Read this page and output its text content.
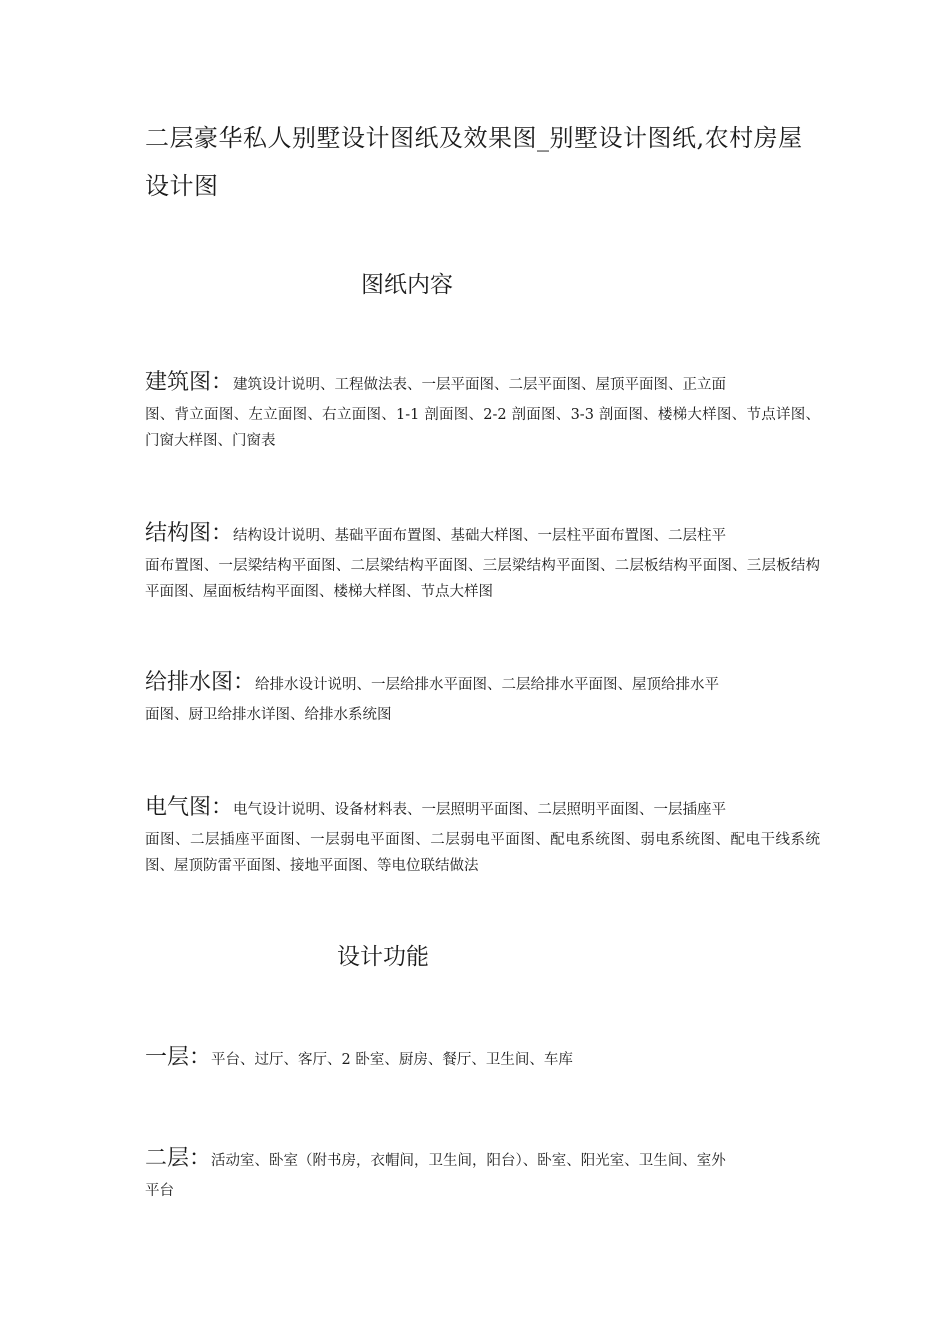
二层豪华私人别墅设计图纸及效果图_别墅设计图纸,农村房屋设计图
图纸内容
建筑图：建筑设计说明、工程做法表、一层平面图、二层平面图、屋顶平面图、正立面
图、背立面图、左立面图、右立面图、1-1 剖面图、2-2 剖面图、3-3 剖面图、楼梯大样图、节点详图、门窗大样图、门窗表
结构图：结构设计说明、基础平面布置图、基础大样图、一层柱平面布置图、二层柱平
面布置图、一层梁结构平面图、二层梁结构平面图、三层梁结构平面图、二层板结构平面图、三层板结构平面图、屋面板结构平面图、楼梯大样图、节点大样图
给排水图：给排水设计说明、一层给排水平面图、二层给排水平面图、屋顶给排水平
面图、厨卫给排水详图、给排水系统图
电气图：电气设计说明、设备材料表、一层照明平面图、二层照明平面图、一层插座平
面图、二层插座平面图、一层弱电平面图、二层弱电平面图、配电系统图、弱电系统图、配电干线系统图、屋顶防雷平面图、接地平面图、等电位联结做法
设计功能
一层：平台、过厅、客厅、2 卧室、厨房、餐厅、卫生间、车库
二层：活动室、卧室（附书房，衣帽间，卫生间，阳台）、卧室、阳光室、卫生间、室外
平台
